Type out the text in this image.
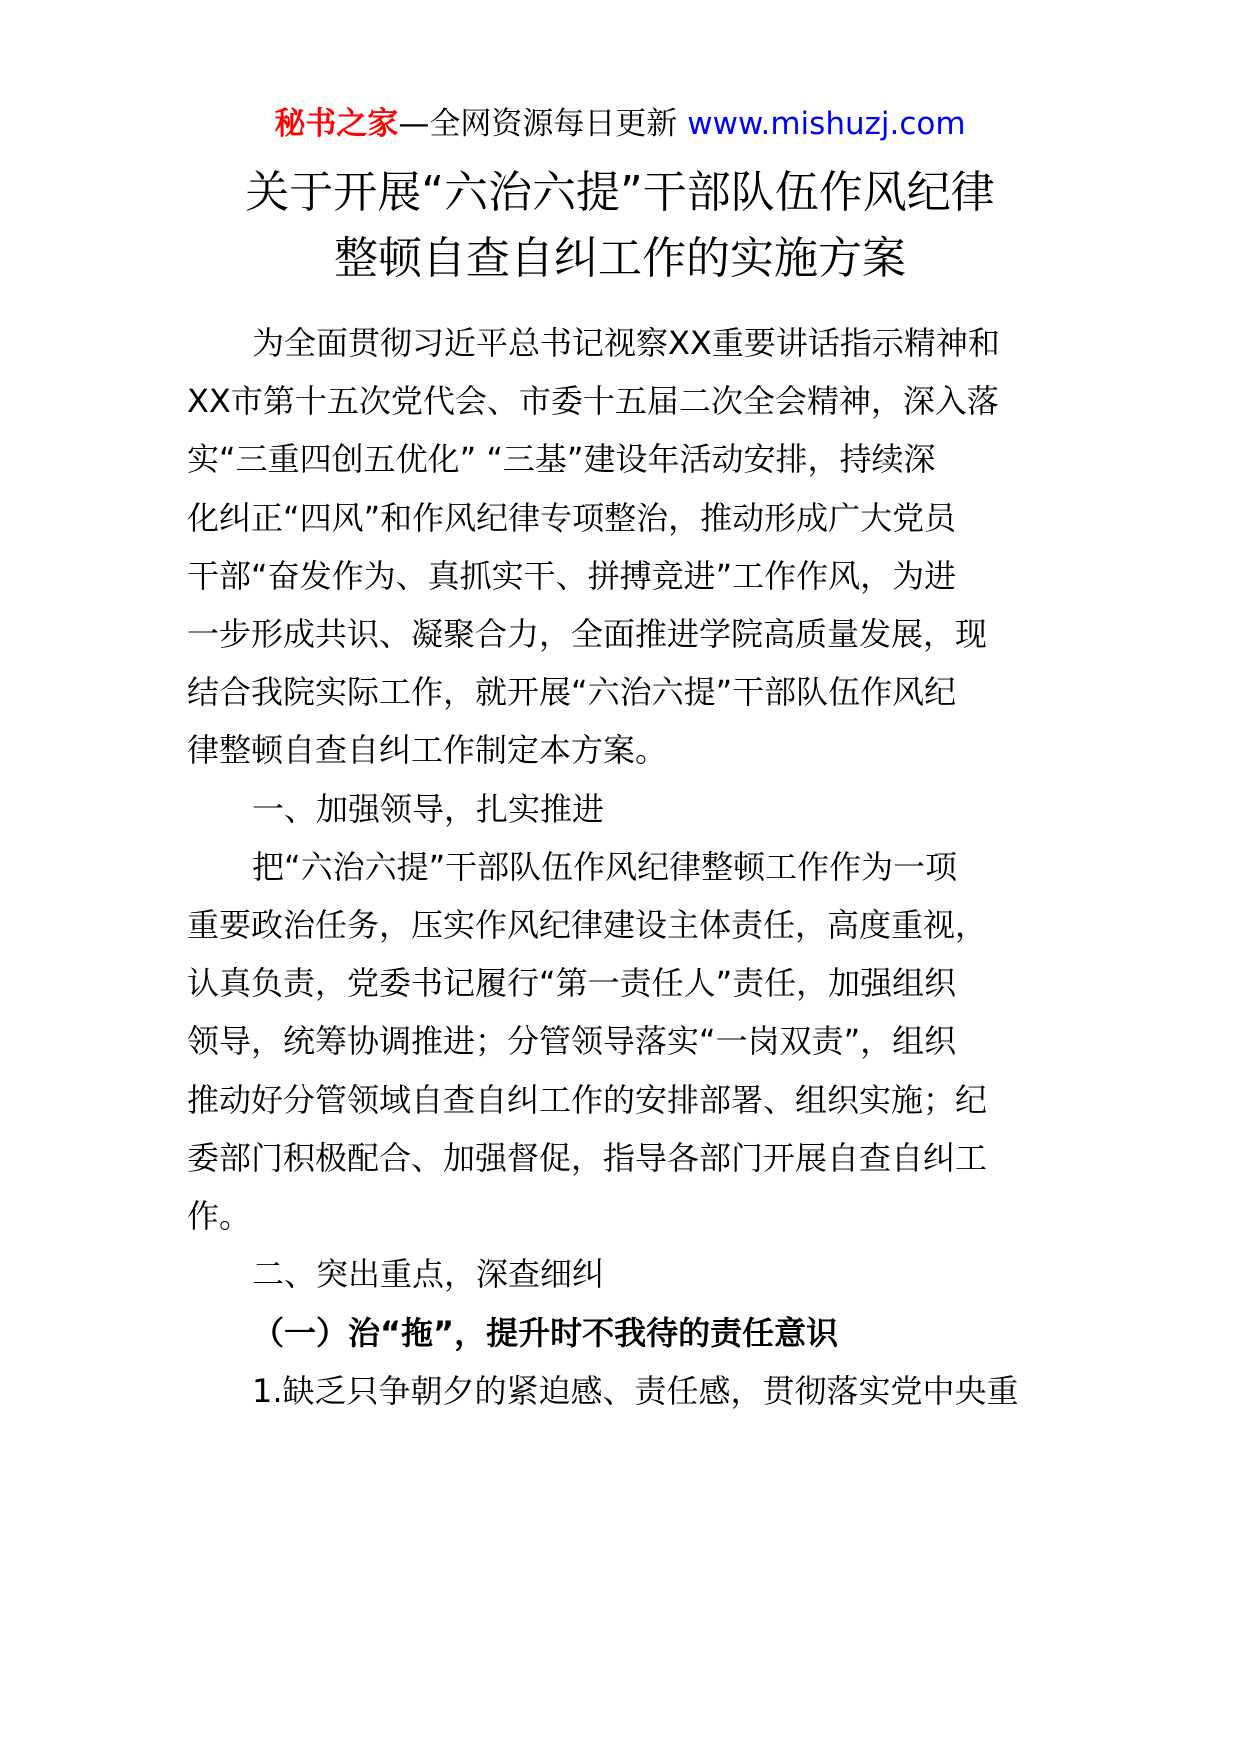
秘书之家—全网资源每日更新 www.mishuzj.com
关于开展“六治六提”干部队伍作风纪律
整顿自查自纠工作的实施方案
为全面贯彻习近平总书记视察XX重要讲话指示精神和
XX市第十五次党代会、市委十五届二次全会精神，深入落
实“三重四创五优化” “三基”建设年活动安排，持续深
化纠正“四风”和作风纪律专项整治，推动形成广大党员
干部“奋发作为、真抓实干、拼搏竞进”工作作风，为进
一步形成共识、凝聚合力，全面推进学院高质量发展，现
结合我院实际工作，就开展“六治六提”干部队伍作风纪
律整顿自查自纠工作制定本方案。
一、加强领导，扎实推进
把“六治六提”干部队伍作风纪律整顿工作作为一项
重要政治任务，压实作风纪律建设主体责任，高度重视，
认真负责，党委书记履行“第一责任人”责任，加强组织
领导，统筹协调推进；分管领导落实“一岗双责”，组织
推动好分管领域自查自纠工作的安排部署、组织实施；纪
委部门积极配合、加强督促，指导各部门开展自查自纠工
作。
二、突出重点，深查细纠
（一）治“拖”，提升时不我待的责任意识
1.缺乏只争朝夕的紧迫感、责任感，贯彻落实党中央重
